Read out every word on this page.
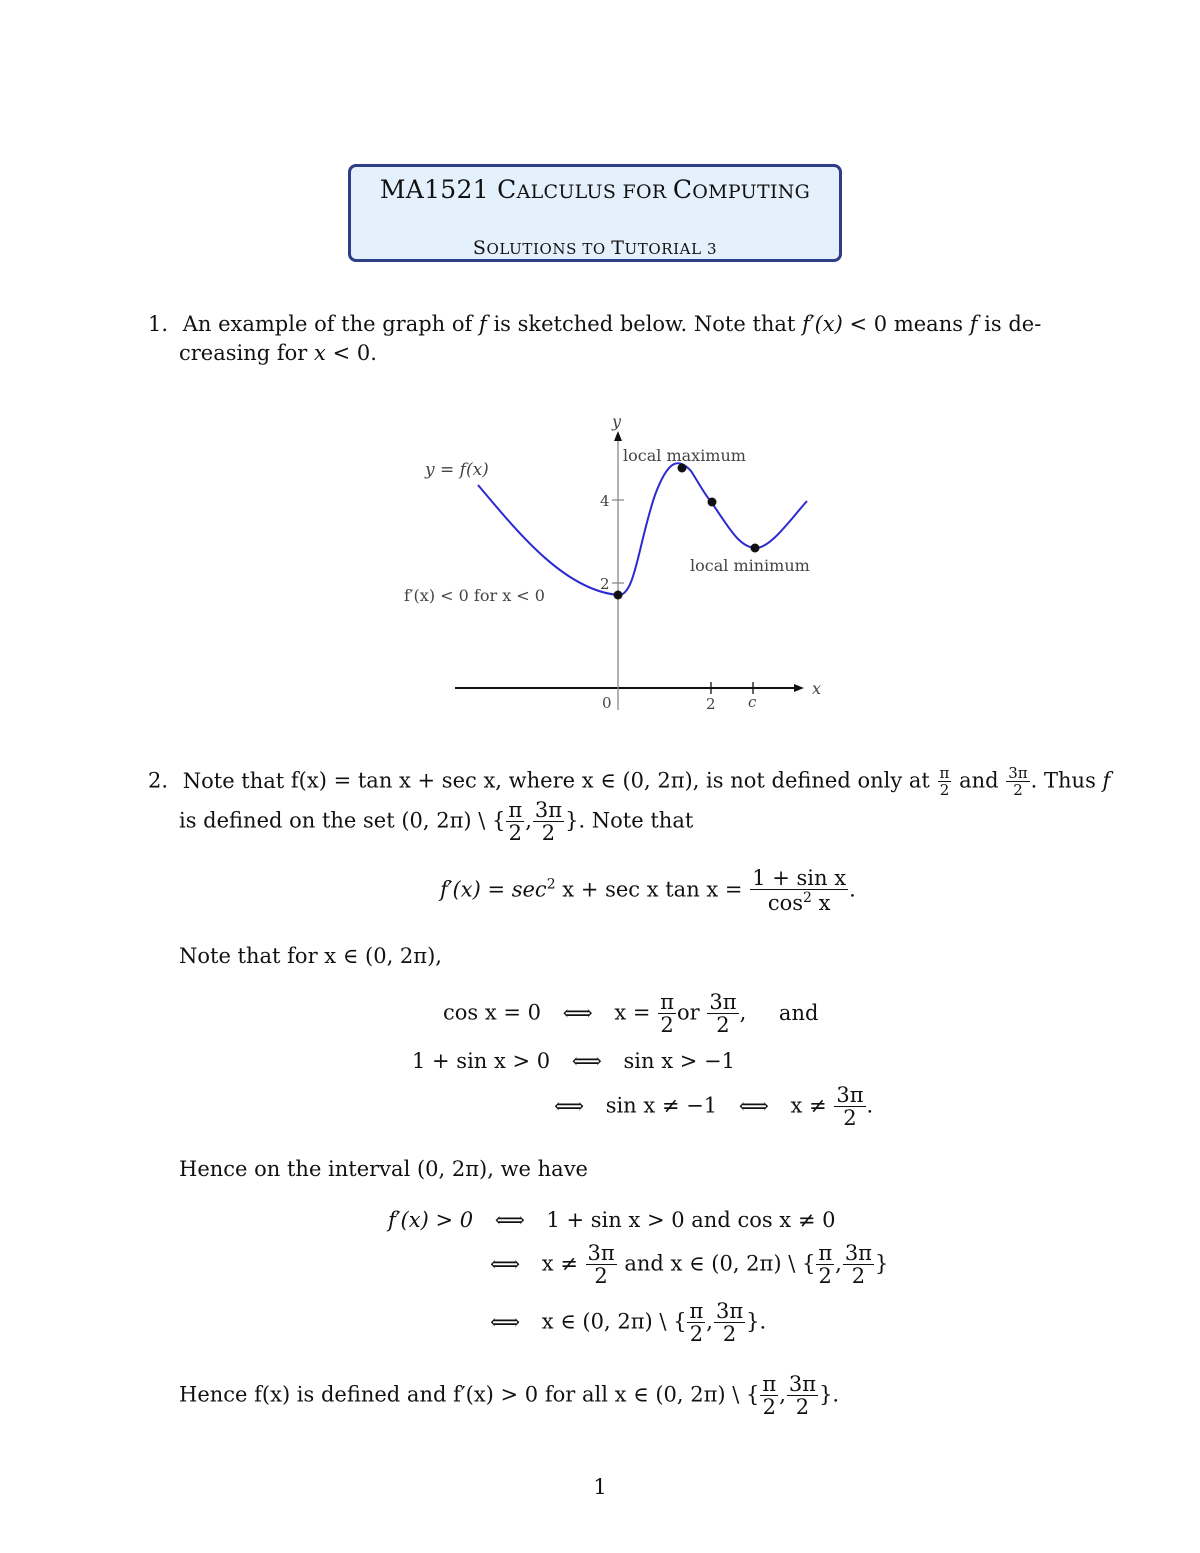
MA1521 CALCULUS FOR COMPUTING
SOLUTIONS TO TUTORIAL 3
1. An example of the graph of f is sketched below. Note that f′(x) < 0 means f is de-
creasing for x < 0.
y
x
y = f(x)
local maximum
local minimum
f′(x) < 0 for x < 0
4
2
0	2 c
2. Note that f(x) = tan x + sec x, where x ∈ (0, 2π), is not defined only at $\frac{\pi}{2}$ and $\frac{3\pi}{2}$ . Thus f
is defined on the set (0, 2π) \ { $\frac{\pi}{2}$ , $\frac{3\pi}{2}$ }. Note that
$f'(x) = \sec^2 x + \sec x$ $\tan x = \frac{\text{1 + sin x}}{\cos^2 x}$ .
Note that for x ∈ (0, 2π),
cos x = 0 ⟺ $x = \frac{\pi}{2}$ or $\frac{3\pi}{2}$ , and
1 + sin x > 0 ⟺ sin x > −1
⟺ sin x ≠ −1 ⟺ $x \ne \frac{3\pi}{2}$ .
Hence on the interval (0, 2π), we have
f′(x) > 0 ⟺ 1 + sin x > 0 and cos x ≠ 0
⟺ $x \ne \frac{3\pi}{2}$ and x ∈ (0, 2π) \ { $\frac{\pi}{2}$ , $\frac{3\pi}{2}$ }
⟺ x ∈ (0, 2π) \ { $\frac{\pi}{2}$ , $\frac{3\pi}{2}$ }.
Hence f(x) is defined and f′(x) > 0 for all x ∈ (0, 2π) \ { $\frac{\pi}{2}$ , $\frac{3\pi}{2}$ }.
1
